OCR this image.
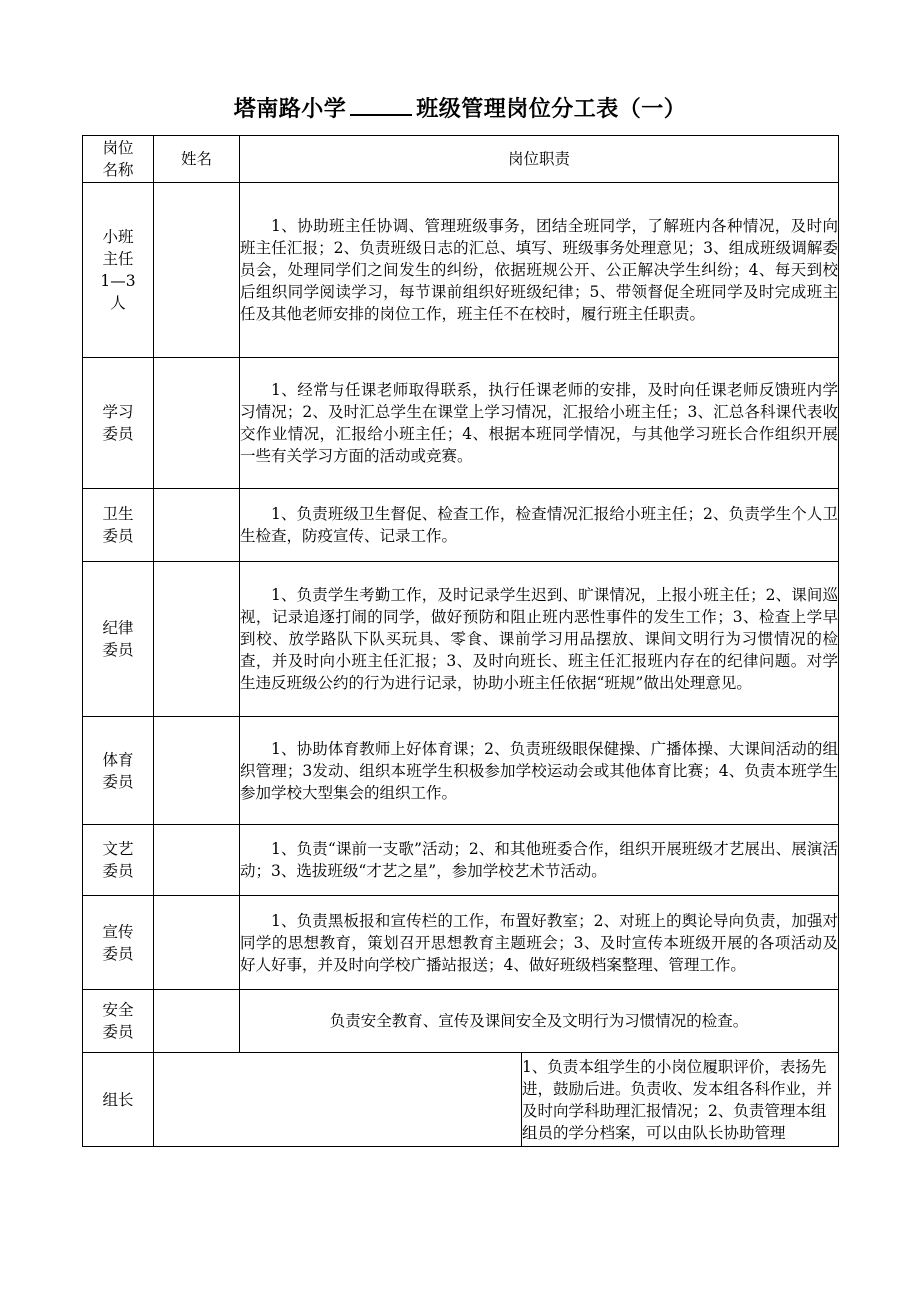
塔南路小学	班级管理岗位分工表（一）
岗位名称	姓名	岗位职责	

小班主任1—3人		1、协助班主任协调、管理班级事务，团结全班同学，了解班内各种情况，及时向班主任汇报；2、负责班级日志的汇总、填写、班级事务处理意见；3、组成班级调解委员会，处理同学们之间发生的纠纷，依据班规公开、公正解决学生纠纷；4、每天到校后组织同学阅读学习，每节课前组织好班级纪律；5、带领督促全班同学及时完成班主任及其他老师安排的岗位工作，班主任不在校时，履行班主任职责。	

学习委员		1、经常与任课老师取得联系，执行任课老师的安排，及时向任课老师反馈班内学习情况；2、及时汇总学生在课堂上学习情况，汇报给小班主任；3、汇总各科课代表收交作业情况，汇报给小班主任；4、根据本班同学情况，与其他学习班长合作组织开展一些有关学习方面的活动或竞赛。	

卫生委员		1、负责班级卫生督促、检查工作，检查情况汇报给小班主任；2、负责学生个人卫生检查，防疫宣传、记录工作。	

纪律委员		1、负责学生考勤工作，及时记录学生迟到、旷课情况，上报小班主任；2、课间巡视，记录追逐打闹的同学，做好预防和阻止班内恶性事件的发生工作；3、检查上学早到校、放学路队下队买玩具、零食、课前学习用品摆放、课间文明行为习惯情况的检查，并及时向小班主任汇报；3、及时向班长、班主任汇报班内存在的纪律问题。对学生违反班级公约的行为进行记录，协助小班主任依据“班规”做出处理意见。	

体育委员		1、协助体育教师上好体育课；2、负责班级眼保健操、广播体操、大课间活动的组织管理；3发动、组织本班学生积极参加学校运动会或其他体育比赛；4、负责本班学生参加学校大型集会的组织工作。	

文艺委员		1、负责“课前一支歌”活动；2、和其他班委合作，组织开展班级才艺展出、展演活动；3、选拔班级“才艺之星”，参加学校艺术节活动。	

宣传委员		1、负责黑板报和宣传栏的工作，布置好教室；2、对班上的舆论导向负责，加强对同学的思想教育，策划召开思想教育主题班会；3、及时宣传本班级开展的各项活动及好人好事，并及时向学校广播站报送；4、做好班级档案整理、管理工作。	

安全委员		负责安全教育、宣传及课间安全及文明行为习惯情况的检查。	
组长			1、负责本组学生的小岗位履职评价，表扬先进，鼓励后进。负责收、发本组各科作业，并及时向学科助理汇报情况；2、负责管理本组组员的学分档案，可以由队长协助管理
